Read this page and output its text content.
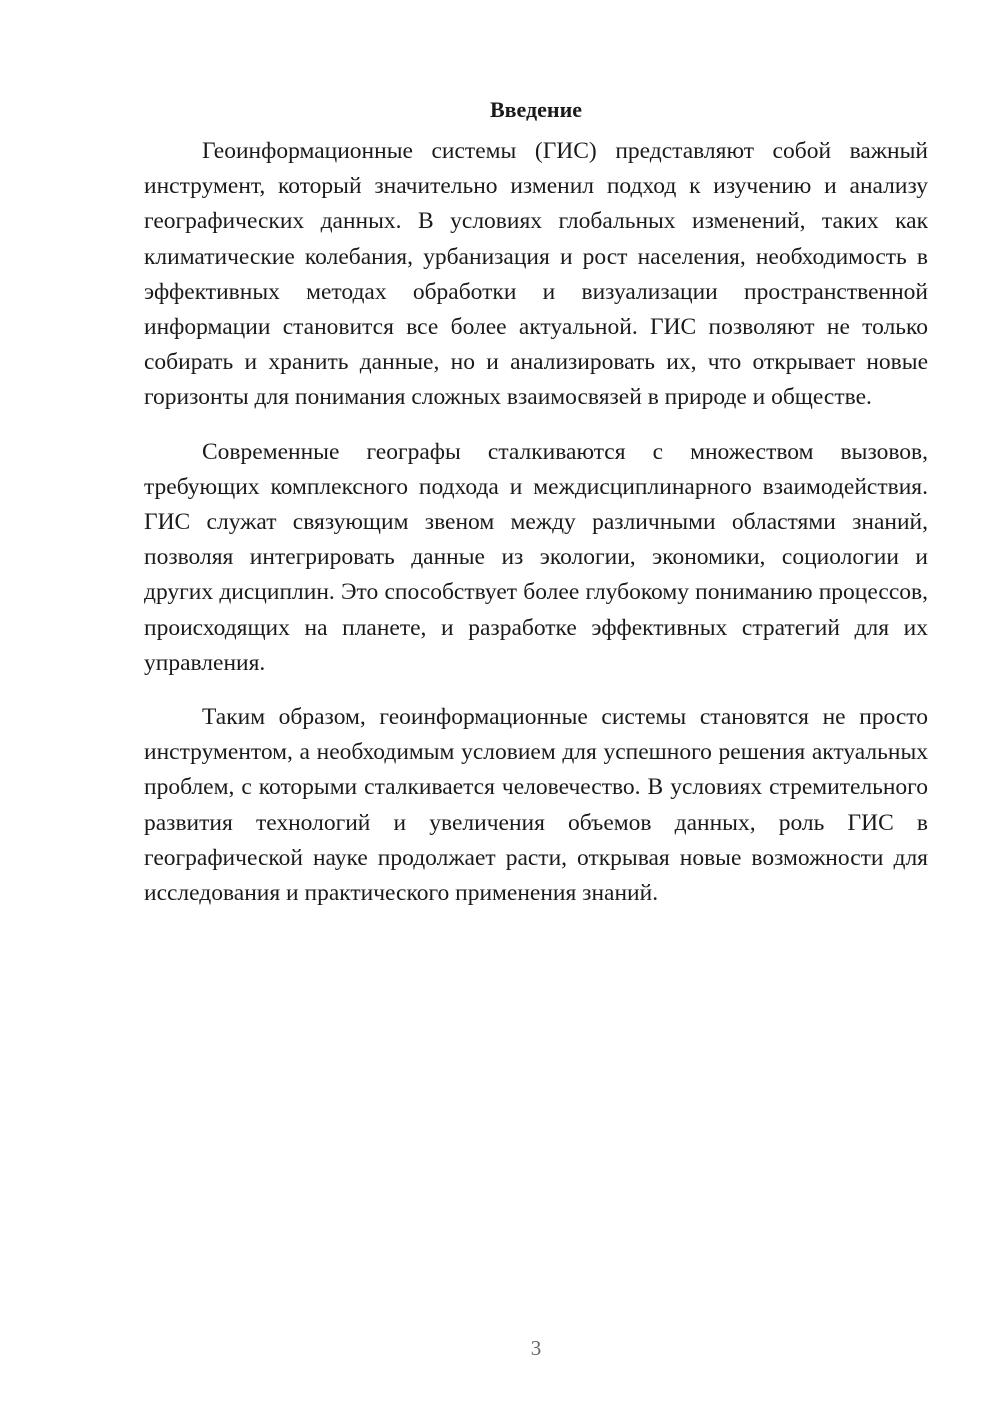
Введение

Геоинформационные системы (ГИС) представляют собой важный инструмент, который значительно изменил подход к изучению и анализу географических данных. В условиях глобальных изменений, таких как климатические колебания, урбанизация и рост населения, необходимость в эффективных методах обработки и визуализации пространственной информации становится все более актуальной. ГИС позволяют не только собирать и хранить данные, но и анализировать их, что открывает новые горизонты для понимания сложных взаимосвязей в природе и обществе.

Современные географы сталкиваются с множеством вызовов, требующих комплексного подхода и междисциплинарного взаимодействия. ГИС служат связующим звеном между различными областями знаний, позволяя интегрировать данные из экологии, экономики, социологии и других дисциплин. Это способствует более глубокому пониманию процессов, происходящих на планете, и разработке эффективных стратегий для их управления.

Таким образом, геоинформационные системы становятся не просто инструментом, а необходимым условием для успешного решения актуальных проблем, с которыми сталкивается человечество. В условиях стремительного развития технологий и увеличения объемов данных, роль ГИС в географической науке продолжает расти, открывая новые возможности для исследования и практического применения знаний.

3
